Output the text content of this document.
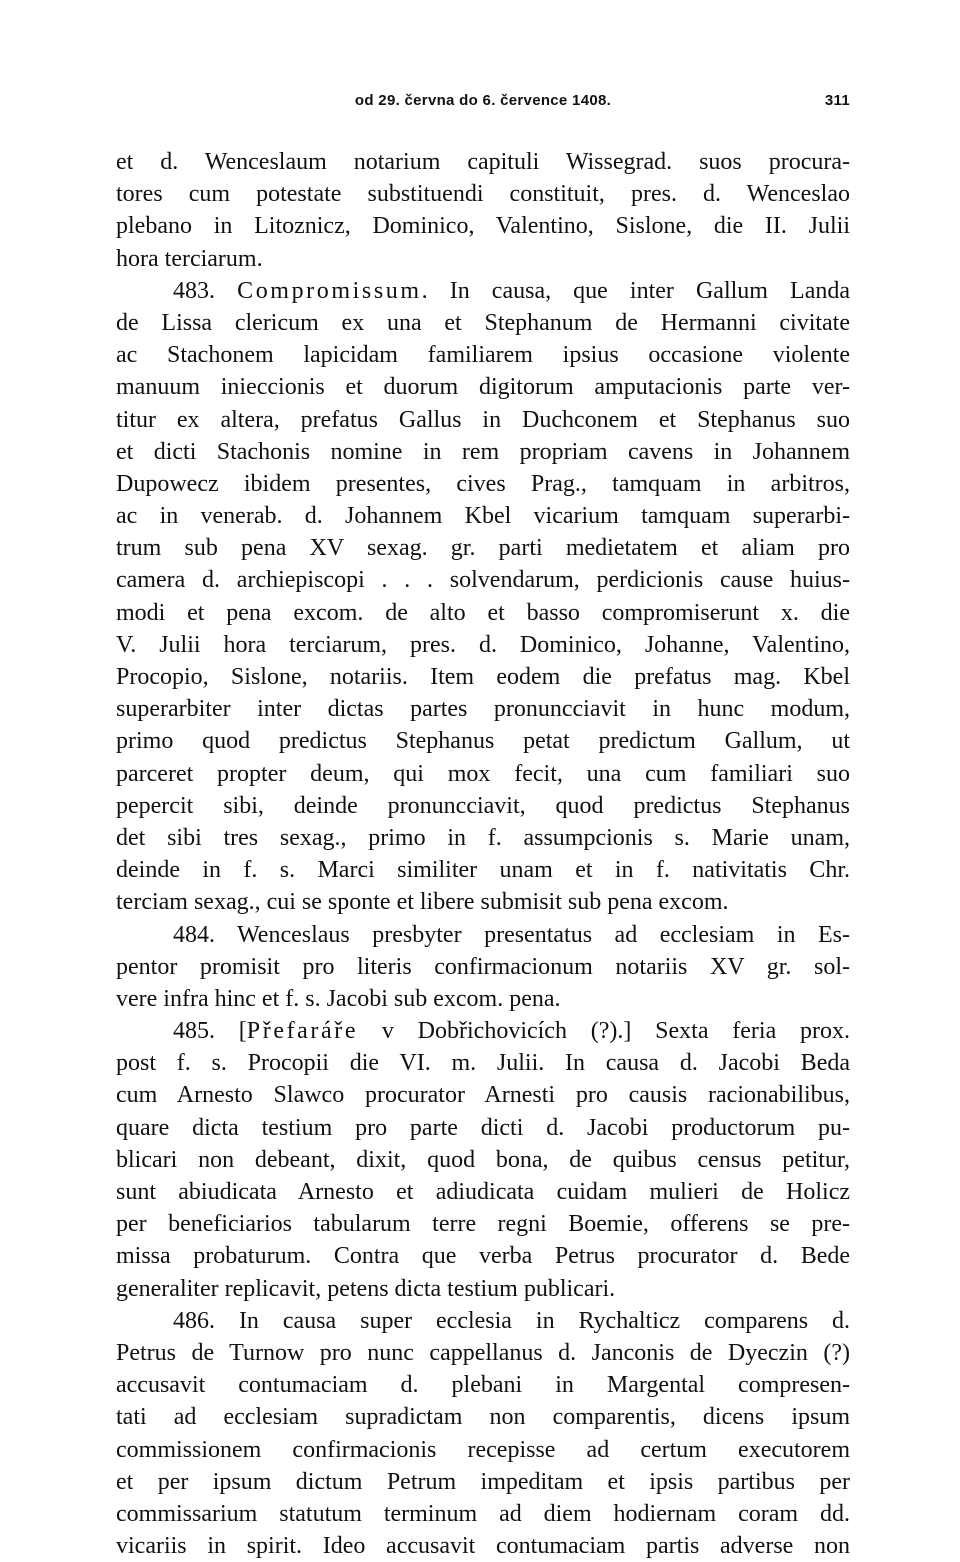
od 29. června do 6. července 1408.	311
et d. Wenceslaum notarium capituli Wissegrad. suos procura-
tores cum potestate substituendi constituit, pres. d. Wenceslao
plebano in Litoznicz, Dominico, Valentino, Sislone, die II. Julii
hora terciarum.
483. Compromissum. In causa, que inter Gallum Landa
de Lissa clericum ex una et Stephanum de Hermanni civitate
ac Stachonem lapicidam familiarem ipsius occasione violente
manuum inieccionis et duorum digitorum amputacionis parte ver-
titur ex altera, prefatus Gallus in Duchconem et Stephanus suo
et dicti Stachonis nomine in rem propriam cavens in Johannem
Dupowecz ibidem presentes, cives Prag., tamquam in arbitros,
ac in venerab. d. Johannem Kbel vicarium tamquam superarbi-
trum sub pena XV sexag. gr. parti medietatem et aliam pro
camera d. archiepiscopi . . . solvendarum, perdicionis cause huius-
modi et pena excom. de alto et basso compromiserunt x. die
V. Julii hora terciarum, pres. d. Dominico, Johanne, Valentino,
Procopio, Sislone, notariis. Item eodem die prefatus mag. Kbel
superarbiter inter dictas partes pronuncciavit in hunc modum,
primo quod predictus Stephanus petat predictum Gallum, ut
parceret propter deum, qui mox fecit, una cum familiari suo
pepercit sibi, deinde pronuncciavit, quod predictus Stephanus
det sibi tres sexag., primo in f. assumpcionis s. Marie unam,
deinde in f. s. Marci similiter unam et in f. nativitatis Chr.
terciam sexag., cui se sponte et libere submisit sub pena excom.
484. Wenceslaus presbyter presentatus ad ecclesiam in Es-
pentor promisit pro literis confirmacionum notariis XV gr. sol-
vere infra hinc et f. s. Jacobi sub excom. pena.
485. [Přefaráře v Dobřichovicích (?).] Sexta feria prox.
post f. s. Procopii die VI. m. Julii. In causa d. Jacobi Beda
cum Arnesto Slawco procurator Arnesti pro causis racionabilibus,
quare dicta testium pro parte dicti d. Jacobi productorum pu-
blicari non debeant, dixit, quod bona, de quibus census petitur,
sunt abiudicata Arnesto et adiudicata cuidam mulieri de Holicz
per beneficiarios tabularum terre regni Boemie, offerens se pre-
missa probaturum. Contra que verba Petrus procurator d. Bede
generaliter replicavit, petens dicta testium publicari.
486. In causa super ecclesia in Rychalticz comparens d.
Petrus de Turnow pro nunc cappellanus d. Janconis de Dyeczin (?)
accusavit contumaciam d. plebani in Margental compresen-
tati ad ecclesiam supradictam non comparentis, dicens ipsum
commissionem confirmacionis recepisse ad certum executorem
et per ipsum dictum Petrum impeditam et ipsis partibus per
commissarium statutum terminum ad diem hodiernam coram dd.
vicariis in spirit. Ideo accusavit contumaciam partis adverse non
